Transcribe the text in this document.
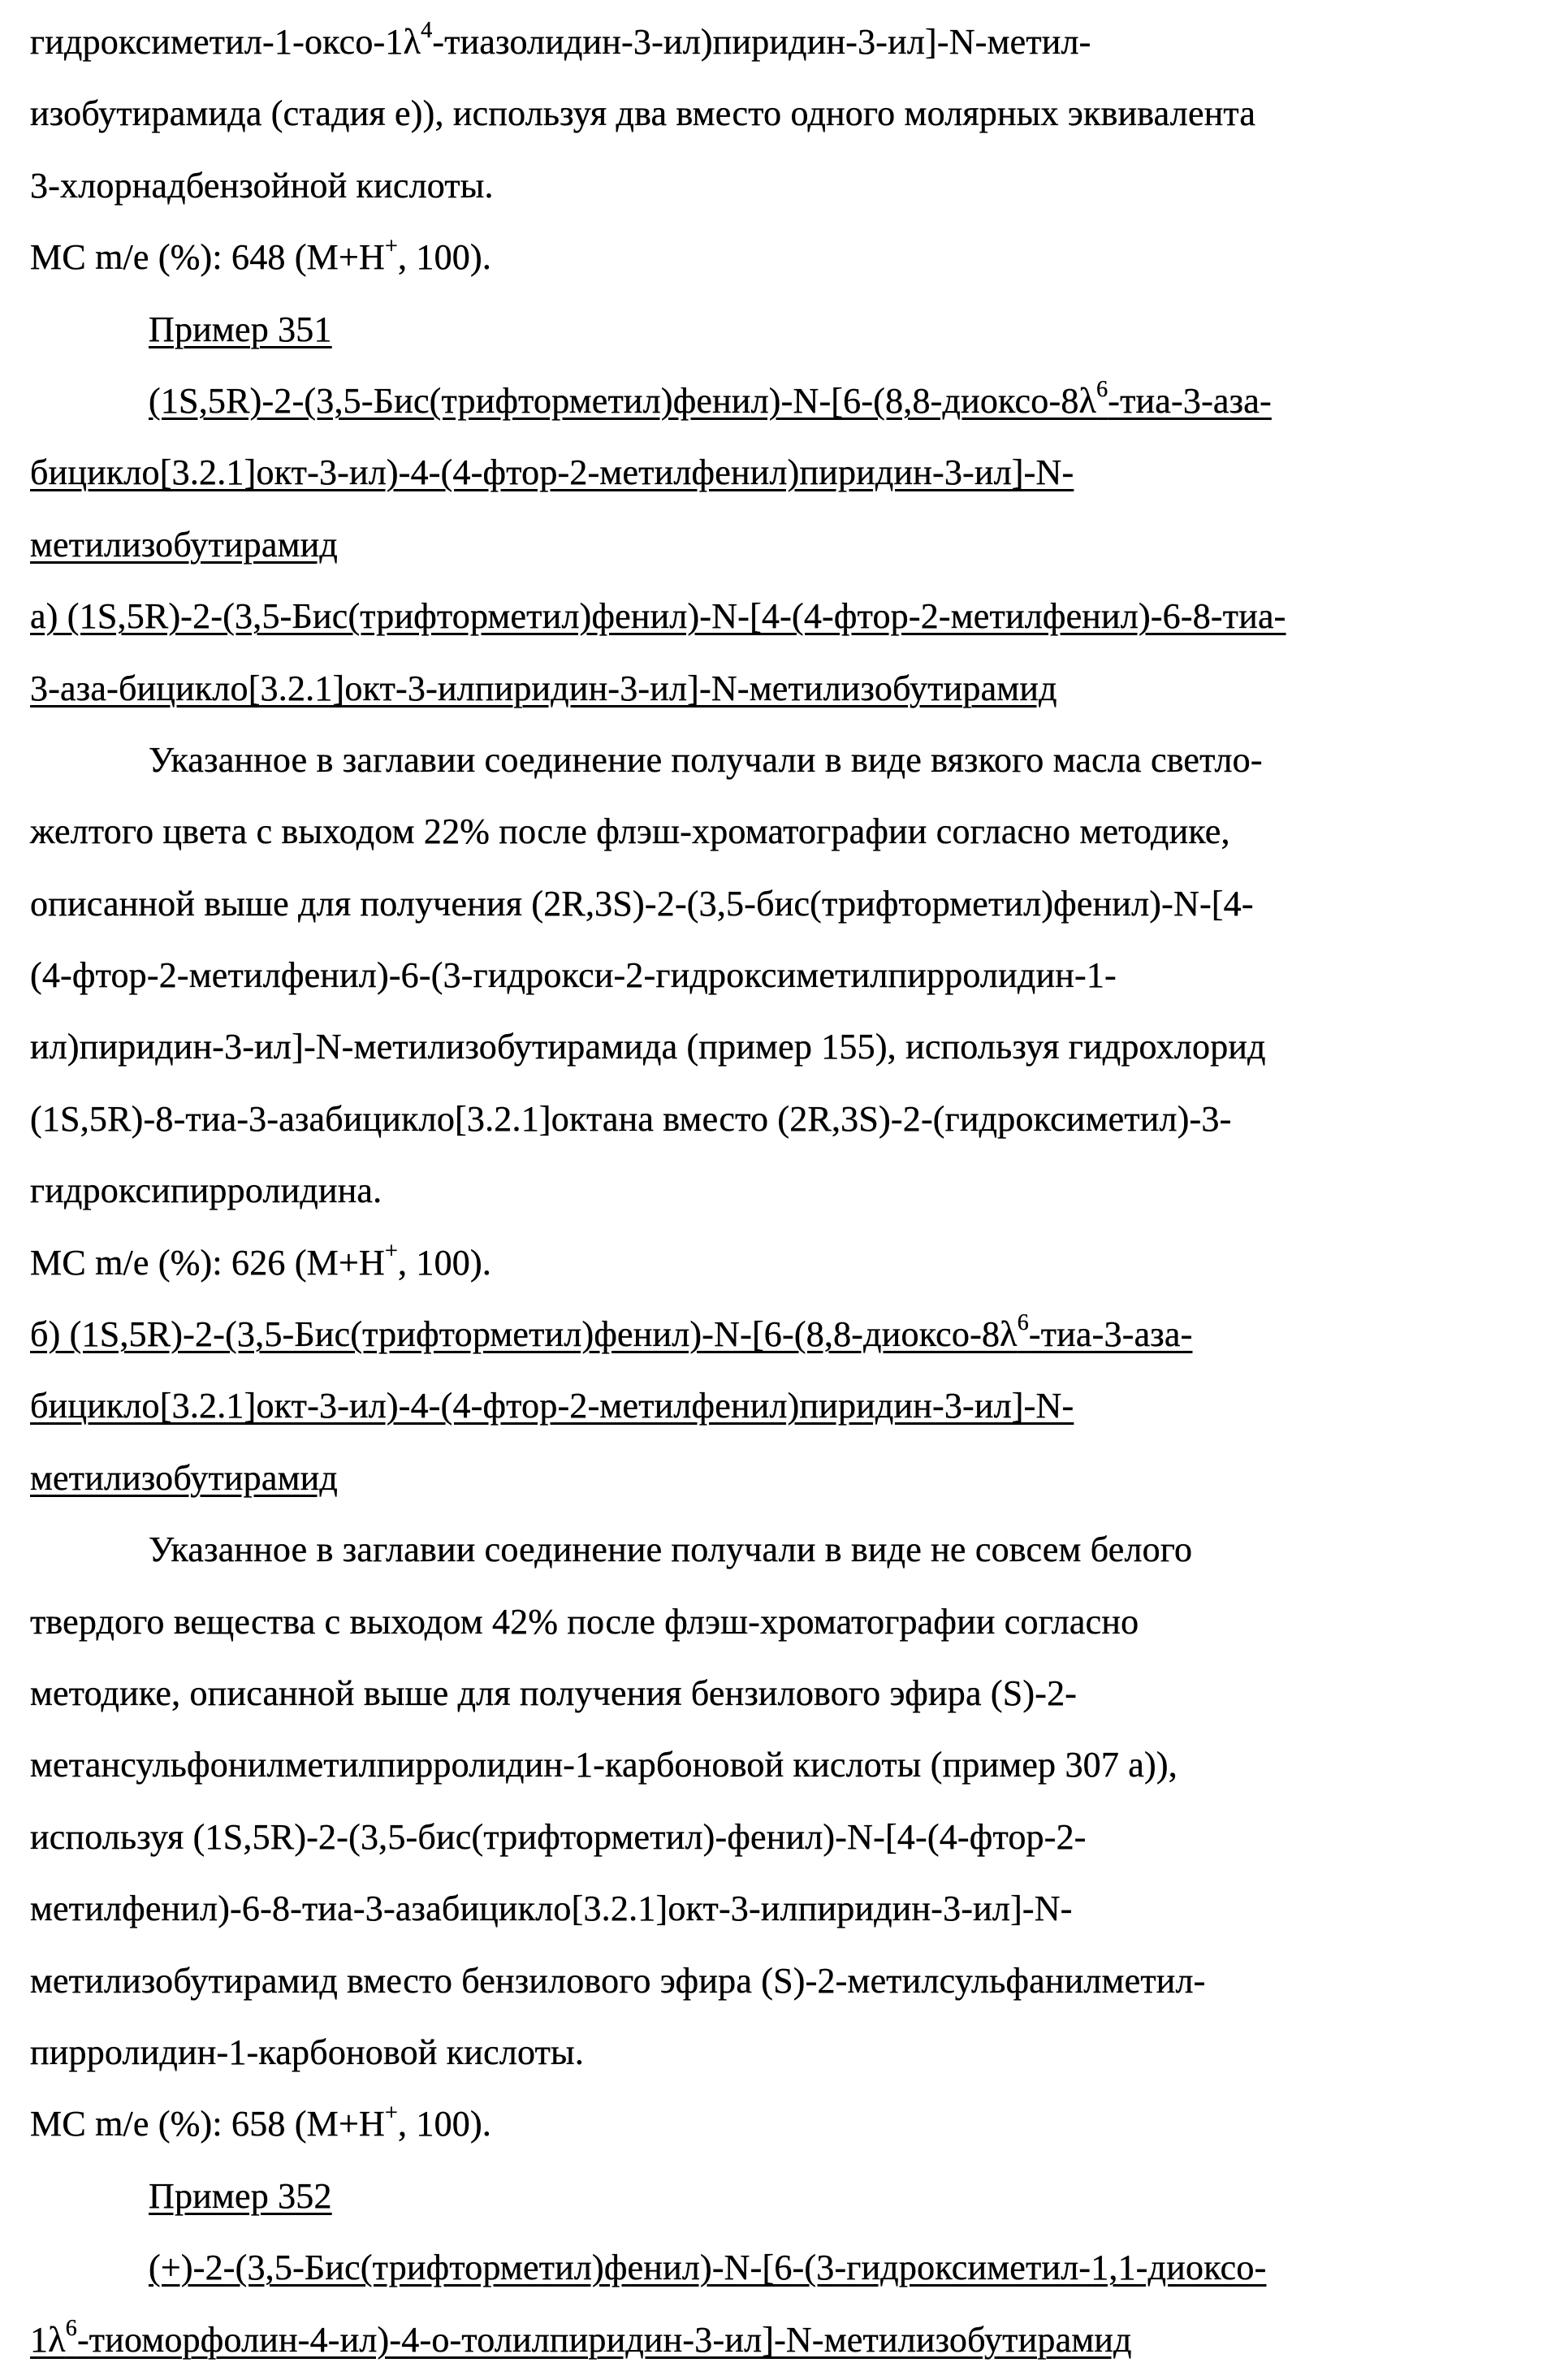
гидроксиметил-$1-оксо-1\lambda^4-тиазолидин-3-ил)пиридин-3-ил]-N-метил-$
изобутирамида (стадия е)), используя два вместо одного молярных эквивалента
3-хлорнадбензойной кислоты.
МС m/e (%): 648 (M+H+, 100).
Пример 351
$(1S,5R)-2-(3,5-Бис(трифторметил)фенил)-N-[6-(8,8-диоксо-8\lambda^6-тиа-3-аза-$
бицикло[3.2.1]окт-3-ил)-4-(4-фтор-2-метилфенил)пиридин-3-ил]-N-
метилизобутирамид
а) (1S,5R)-2-(3,5-Бис(трифторметил)фенил)-N-[4-(4-фтор-2-метилфенил)-6-8-тиа-
3-аза-бицикло[3.2.1]окт-3-илпиридин-3-ил]-N-метилизобутирамид
Указанное в заглавии соединение получали в виде вязкого масла светло-
желтого цвета с выходом 22% после флэш-хроматографии согласно методике,
описанной выше для получения (2R,3S)-2-(3,5-бис(трифторметил)фенил)-N-[4-
(4-фтор-2-метилфенил)-6-(3-гидрокси-2-гидроксиметилпирролидин-1-
ил)пиридин-3-ил]-N-метилизобутирамида (пример 155), используя гидрохлорид
(1S,5R)-8-тиа-3-азабицикло[3.2.1]октана вместо (2R,3S)-2-(гидроксиметил)-3-
гидроксипирролидина.
МС m/e (%): 626 (M+H+, 100).
б) $(1S,5R)-2-(3,5-Бис(трифторметил)фенил)-N-[6-(8,8-диоксо-8\lambda^6-тиа-3-аза-$
бицикло[3.2.1]окт-3-ил)-4-(4-фтор-2-метилфенил)пиридин-3-ил]-N-
метилизобутирамид
Указанное в заглавии соединение получали в виде не совсем белого
твердого вещества с выходом 42% после флэш-хроматографии согласно
методике, описанной выше для получения бензилового эфира (S)-2-
метансульфонилметилпирролидин-1-карбоновой кислоты (пример 307 а)),
используя (1S,5R)-2-(3,5-бис(трифторметил)-фенил)-N-[4-(4-фтор-2-
метилфенил)-6-8-тиа-3-азабицикло[3.2.1]окт-3-илпиридин-3-ил]-N-
метилизобутирамид вместо бензилового эфира (S)-2-метилсульфанилметил-
пирролидин-1-карбоновой кислоты.
МС m/e (%): 658 (M+H+, 100).
Пример 352
(+)-2-(3,5-Бис(трифторметил)фенил)-N-[6-(3-гидроксиметил-1,1-диоксо-
$1\lambda^6-тиоморфолин-4-ил)-4-о-толилпиридин-3-ил]-N$-метилизобутирамид
